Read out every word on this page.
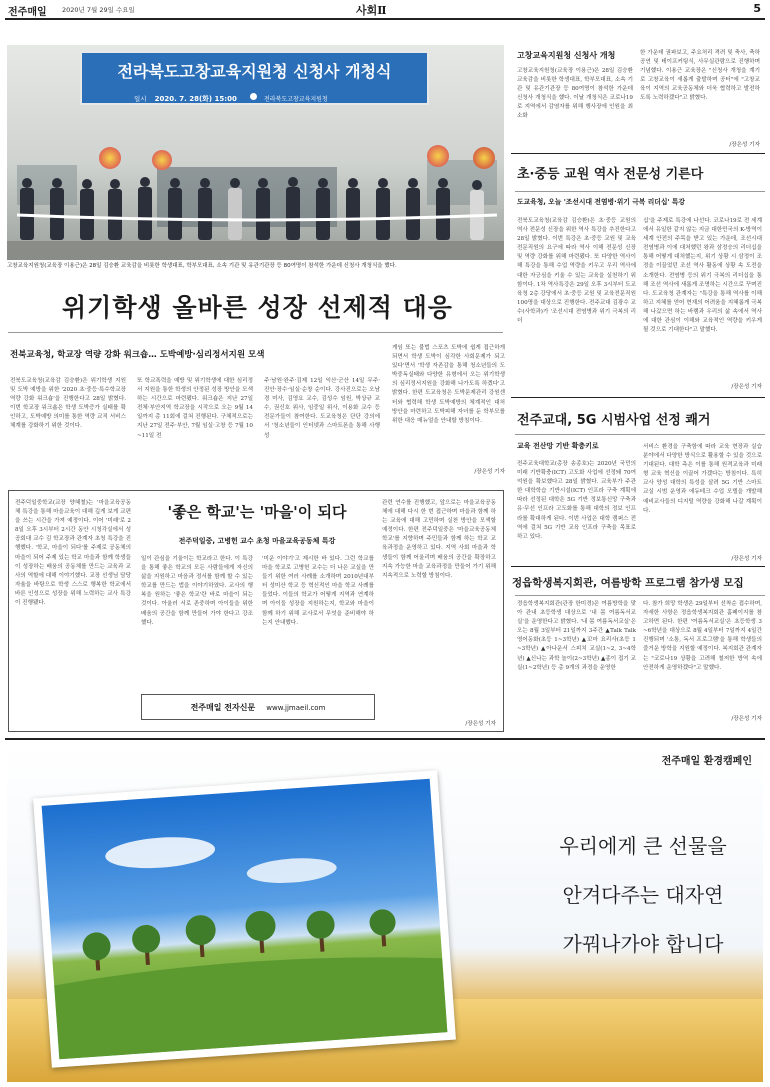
전주매일 2020년 7월 29일 수요일	사회Ⅱ	5
전라북도고창교육지원청 신청사 개청식
일시 2020. 7. 28(화) 15:00	전라북도고창교육지원청
고창교육지원청(교육장 이용근)은 28일 김승환 교육감을 비롯한 학생대표, 학부모대표, 소속 기관 및 유관기관장 등 80여명이 참석한 가운데 신청사 개청식을 했다.
고창교육지원청 신청사 개청
고창교육지원청(교육장 이용근)은 28일 김승환 교육감을 비롯한 학생대표, 학부모대표, 소속 기관 및 유관기관장 등 80여명이 참석한 가운데 신청사 개청식을 했다. 이날 개청식은 코로나19로 지역에서 감염자를 위해 행사장에 인원을 최소화
한 가운데 권파보고, 주요처리 격려 및 축사, 축하공연 및 테이프커팅식, 사무실관람으로 진행하며 기념했다. 이용근 교육장은 "신청사 개청을 계기로 고창교육이 새롭게 출발하며 공터"에 "고창교육이 지역의 교육공동체와 더욱 협력하고 발전하도록 노력하겠다"고 밝혔다.
/장은성 기자
초·중등 교원 역사 전문성 기른다
도교육청, 오늘 '조선시대 전염병·위기 극복 리더십' 특강
전북도교육청(교육감 김승환)은 초·중등 교원의 역사 전문성 신장을 위한 역사 특강을 추진한다고 28일 밝혔다. 이번 특강은 초·중등 교원 및 교육전문직원의 요구에 따라 역사 이해 전문성 신장 및 역량 강화를 위해 마련됐다. 또 다양한 역사이해 특강을 통해 수업 역량을 키우고 우리 역사에 대한 자긍심을 키울 수 있는 교육을 실천하기 위함이다. 1차 역사특강은 29일 오후 3시부터 도교육청 2층 강당에서 초·중등 교원 및 교육전문직원 100명을 대상으로 진행한다. 전주교대 김광수 교수(사학과)가 '조선시대 전염병과 위기 극복의 리더
십'을 주제로 특강에 나선다. 코로나19로 전 세계에서 유일한 같지 않는 지금 대한민국의 K-방역이 세계 안전의 주목을 받고 있는 가운데, 조선시대 전염병과 이에 대처했던 왕과 삼정승의 리더십을 통해 어떻게 대처했는지, 위기 상황 시 삼정이 조정을 이끌었던 조선 역사 활동에 상황 속 도전을 소개한다. 전염병 등의 위기 극복의 리더십을 통해 조선 역사에 새롭게 조명하는 시간으로 꾸며진다. 도교육청 관계자는 "특강을 통해 역사를 이해하고 지혜를 얻어 현재의 어려움을 지혜롭게 극복해 나갔으면 하는 바램과 우리의 삶 속에서 역사에 대한 관심이 이해와 교육적인 역량을 키우게 될 것으로 기대한다"고 말했다.
/장은성 기자
위기학생 올바른 성장 선제적 대응
전북교육청, 학교장 역량 강화 워크숍… 도박예방·심리정서지원 모색
전북도교육청(교육감 김승환)은 위기학생 지원 및 도박 예방을 위한 '2020 초·중등·특수학교장 역량 강화 워크숍'을 진행한다고 28일 밝혔다. 이번 학교장 워크숍은 학생 도박증가 실태를 확인하고, 도박예방 의미를 통한 역량 교직 서비스체계를 강화하기 위한 것이다.
또 학교폭력을 예방 및 위기학생에 대한 심리정서 지원을 통한 학생의 안정된 성장 방안을 모색하는 시간으로 마련됐다. 워크숍은 지난 27일 전체·부안지역 학교장을 시작으로 오는 9월 14일까지 총 11회에 걸쳐 진행된다. 구체적으로는 지난 27일 전주·부안, 7월 임실·고창 등 7월 10~11일 전
주·남원·완주·김제 12일 익산·군산 14일 무주·진안·장수·임실·순창 순이다. 강사진으로는 오남경 미사, 김영요 교수, 김성수 임원, 박상규 교수, 권신호 위사, 임중일 위사, 이용화 교수 등 전문가들이 참여한다. 도교육청은 단단 강의에서 '청소년들이 인터넷과 스마트폰을 통해 사행성
게임 또는 불법 스포츠 도박에 쉽게 접근하게 되면서 학생 도박이 심각한 사회문제가 되고 있다'면서 '학생 자존감을 통해 청소년들의 도박중독실태와 다양한 유형에서 오는 위기학생의 심리정서지원을 강화해 나가도록 하겠다'고 밝혔다. 한편 도교육청은 도박문제관리 강원센터와 협력해 학생 도박예방의 체계적인 대처 방안을 마련하고 도박피해 자녀를 둔 학부모를 위한 대응 매뉴얼을 안내할 방침이다.
/장은성 기자
전주덕일중학교(교장 양혜철)는 '마을교육공동체 특강을 통해 마을교육이 대해 깊게 보게 교편을 쓰는 시간을 가져 예정이다. 이어 '미래'로 28일 오후 3시부터 2시간 동안 시청각실에서 성공회대 교수 김 학교장과 관계자 초청 특강을 진행했다. '학교, 마을이 되다'를 주제로 공동체의 마을이 되어 주제 있는 학교 마을과 함께 학생들이 성장하는 배움의 공동체를 만드는 교육과 교사의 역할에 대해 이야기했다. 교장 선생님 담당 자율을 바탕으로 학생 스스로 행복한 학교에서 바른 인성으로 성장을 위해 노력하는 교사 특강이 진행됐다.
'좋은 학교'는 '마을'이 되다
전주덕일중, 고병헌 교수 초청 마을교육공동체 특강
일이 관심을 기울이는 학교라고 한다. 이 특강을 통해 좋은 학교의 모든 사람들에게 자신의 삶을 지원하고 마음과 정서를 함께 할 수 있는 학교를 만드는 법을 이야기하였다. 교사의 행복을 원하는 '좋은 학교'란 바로 마을이 되는 것이다. 아울러 서로 존중하며 아이들을 위한 배움의 공간을 함께 만들어 가야 한다고 강조했다.
'미운 이야기'고 제시한 바 있다. 그런 학교를 마을 학교로 고병헌 교수는 더 나은 교실을 만들기 위한 여러 사례를 소개하며 2010년대부터 성미산 학교 등 혁신적인 마을 학교 사례를 들었다. 이들의 학교가 어떻게 지역과 연계하며 아이들 성장을 지원하는지, 학교와 마을이 함께 하기 위해 교사로서 무엇을 준비해야 하는지 안내했다.
전주매일 전자신문 www.jjmaeil.com
관련 연수를 진행했고, 앞으로는 마을교육공동체에 대해 다시 한 번 접근하며 마을과 함께 하는 교육에 대해 고민하며 실천 방안을 모색할 예정이다. 한편 전주덕일중은 '마을교육공동체 학교'를 지향하며 주민들과 함께 하는 학교 교육과정을 운영하고 있다. 지역 사회 마을과 학생들이 함께 어울리며 배움의 공간을 확장하고 지속 가능한 마을 교육과정을 만들어 가기 위해 지속적으로 노력할 방침이다.
/장은성 기자
전주교대, 5G 시범사업 선정 쾌거
교육 전산망 기반 확충키로
전주교육대학교(총장 송종호)는 2020년 국민의미래 기반확충(ICT) 고도화 사업에 선정돼 70여억원을 확보했다고 28일 밝혔다. 교육부가 주관한 대학학습 기반시설(ICT) 인프라 구축 계획에 따라 선정된 대학은 5G 기반 정보통신망 구축과 유·무선 인프라 고도화를 통해 대학의 정보 인프라를 확대하게 된다. 이번 사업은 대학 캠퍼스 전역에 걸쳐 5G 기반 교육 인프라 구축을 목표로 하고 있다.
서비스 환경을 구축함에 따라 교육 현장과 실습 분야에서 다양한 방식으로 활용할 수 있을 것으로 기대된다. 대학 측은 이를 통해 원격교육과 미래형 교육 혁신을 이끌어 가겠다는 방침이다. 특히 교사 양성 대학의 특성을 살려 5G 기반 스마트 교실 시범 운영과 에듀테크 수업 모델을 개발해 예비교사들의 디지털 역량을 강화해 나갈 계획이다.
/장은성 기자
정읍학생복지회관, 여름방학 프로그램 참가생 모집
정읍학생복지회관(관장 한미경)은 여름방학을 맞아 관내 초등학생 대상으로 '내 몸 여름독서교실'을 운영한다고 밝혔다. '내 몸 여름독서교실'은 오는 8월 3일부터 21일까지 3주간 ▲Talk Talk 영어동화(초등 1~3학년) ▲꼬마 요리사(초등 1~3학년) ▲아나운서 스피치 교실(1~2, 3~4학년) ▲신나는 과학 놀이(2~3학년) ▲종이 접기 교실(1~2학년) 등 총 9개의 과정을 운영한
다. 참가 희망 학생은 29일부터 선착순 접수하며, 자세한 사항은 정읍학생복지회관 홈페이지를 참고하면 된다. 한편 '여름독서교실'은 초등학생 3~6학년을 대상으로 8월 4일부터 7일까지 4일간 진행되며 '소통, 독서 프로그램'을 통해 학생들의 즐거운 방학을 지원할 예정이다. 복지회관 관계자는 "코로나19 상황을 고려해 철저한 방역 속에 안전하게 운영하겠다"고 말했다.
/장은성 기자
전주매일 환경캠페인
우리에게 큰 선물을
안겨다주는 대자연
가꿔나가야 합니다
